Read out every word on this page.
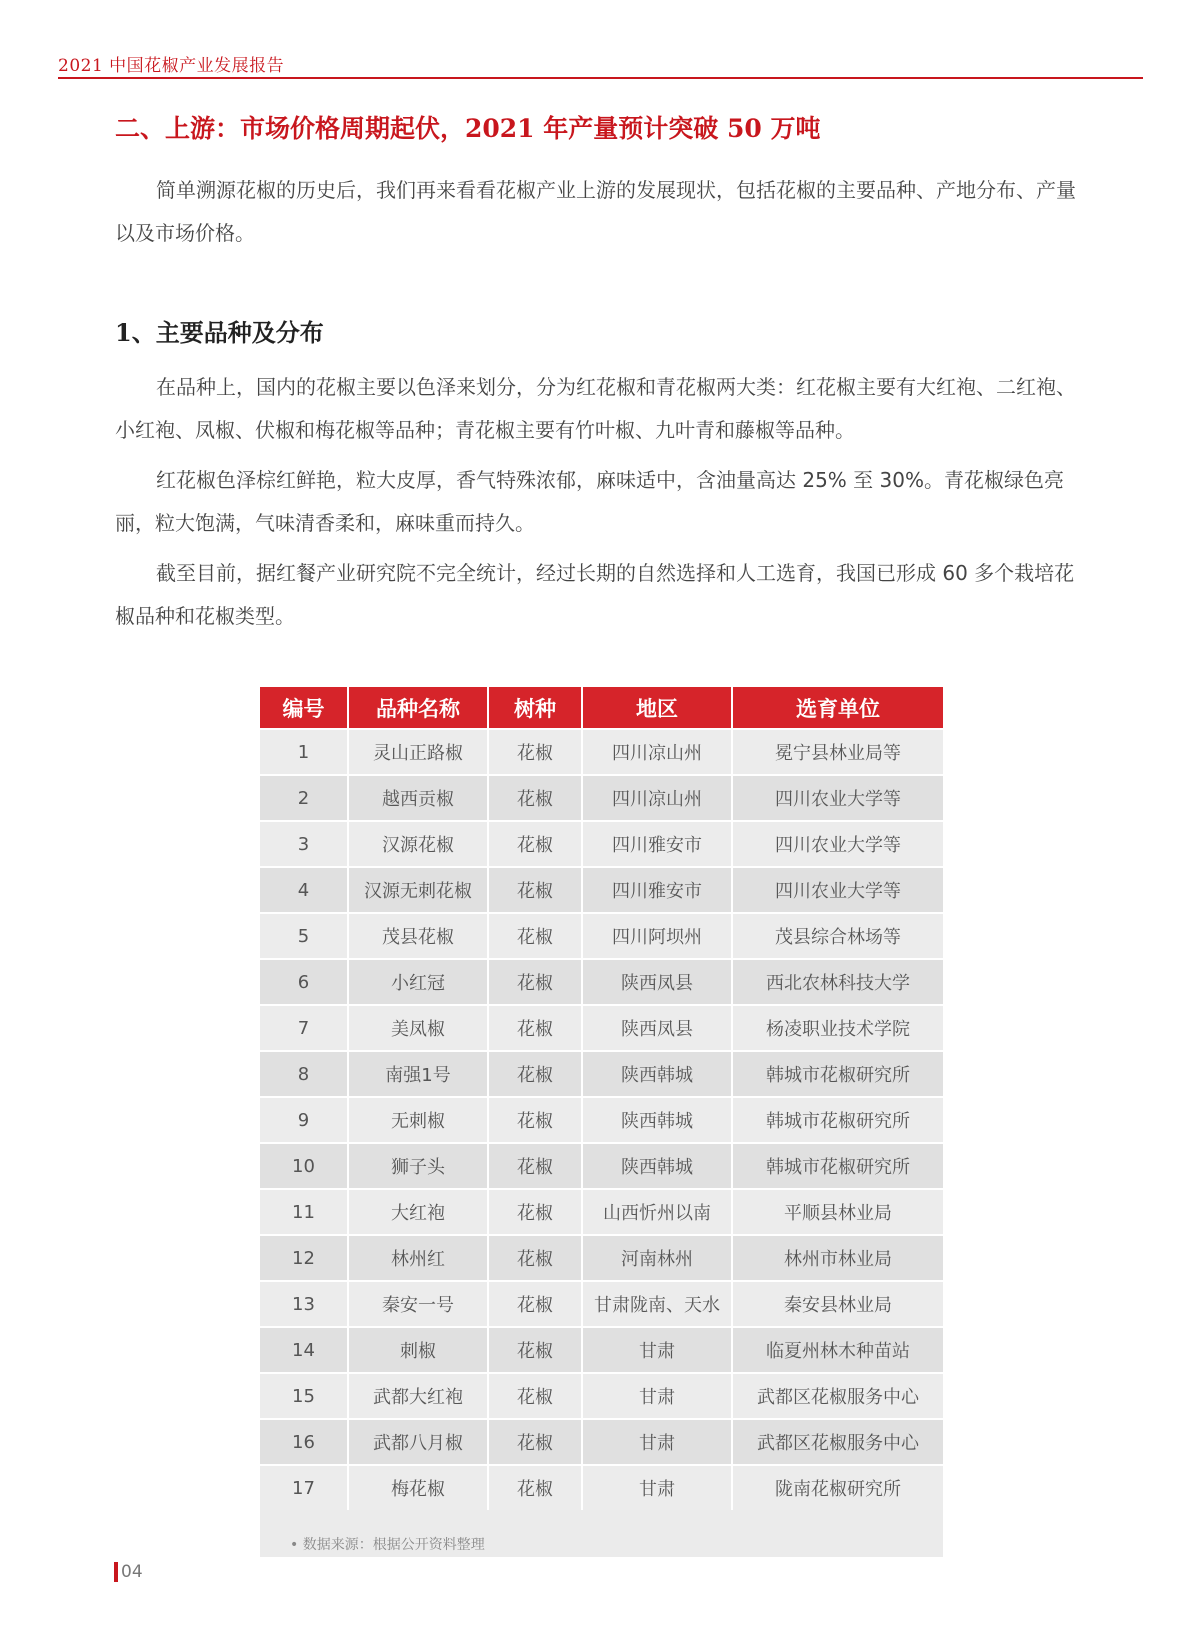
2021 中国花椒产业发展报告
二、上游：市场价格周期起伏，2021 年产量预计突破 50 万吨

简单溯源花椒的历史后，我们再来看看花椒产业上游的发展现状，包括花椒的主要品种、产地分布、产量以及市场价格。

1、主要品种及分布

在品种上，国内的花椒主要以色泽来划分，分为红花椒和青花椒两大类：红花椒主要有大红袍、二红袍、小红袍、凤椒、伏椒和梅花椒等品种；青花椒主要有竹叶椒、九叶青和藤椒等品种。

红花椒色泽棕红鲜艳，粒大皮厚，香气特殊浓郁，麻味适中，含油量高达 25% 至 30%。青花椒绿色亮丽，粒大饱满，气味清香柔和，麻味重而持久。

截至目前，据红餐产业研究院不完全统计，经过长期的自然选择和人工选育，我国已形成 60 多个栽培花椒品种和花椒类型。

编号	品种名称	树种	地区	选育单位
1	灵山正路椒	花椒	四川凉山州	冕宁县林业局等
2	越西贡椒	花椒	四川凉山州	四川农业大学等
3	汉源花椒	花椒	四川雅安市	四川农业大学等
4	汉源无刺花椒	花椒	四川雅安市	四川农业大学等
5	茂县花椒	花椒	四川阿坝州	茂县综合林场等
6	小红冠	花椒	陕西凤县	西北农林科技大学
7	美凤椒	花椒	陕西凤县	杨凌职业技术学院
8	南强1号	花椒	陕西韩城	韩城市花椒研究所
9	无刺椒	花椒	陕西韩城	韩城市花椒研究所
10	狮子头	花椒	陕西韩城	韩城市花椒研究所
11	大红袍	花椒	山西忻州以南	平顺县林业局
12	林州红	花椒	河南林州	林州市林业局
13	秦安一号	花椒	甘肃陇南、天水	秦安县林业局
14	刺椒	花椒	甘肃	临夏州林木种苗站
15	武都大红袍	花椒	甘肃	武都区花椒服务中心
16	武都八月椒	花椒	甘肃	武都区花椒服务中心
17	梅花椒	花椒	甘肃	陇南花椒研究所
• 数据来源：根据公开资料整理
04
